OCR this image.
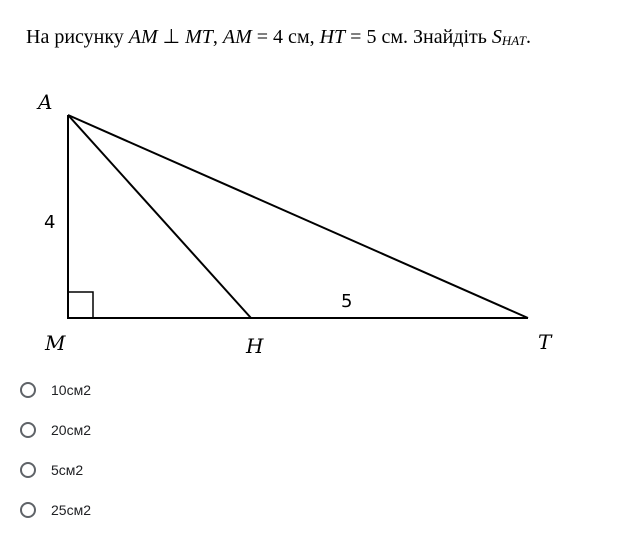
На рисунку AM ⊥ MT, AM = 4 см, HT = 5 см. Знайдіть $S_{HAT}$.
A
M	H	T
4
5
10см2
20см2
5см2
25см2
